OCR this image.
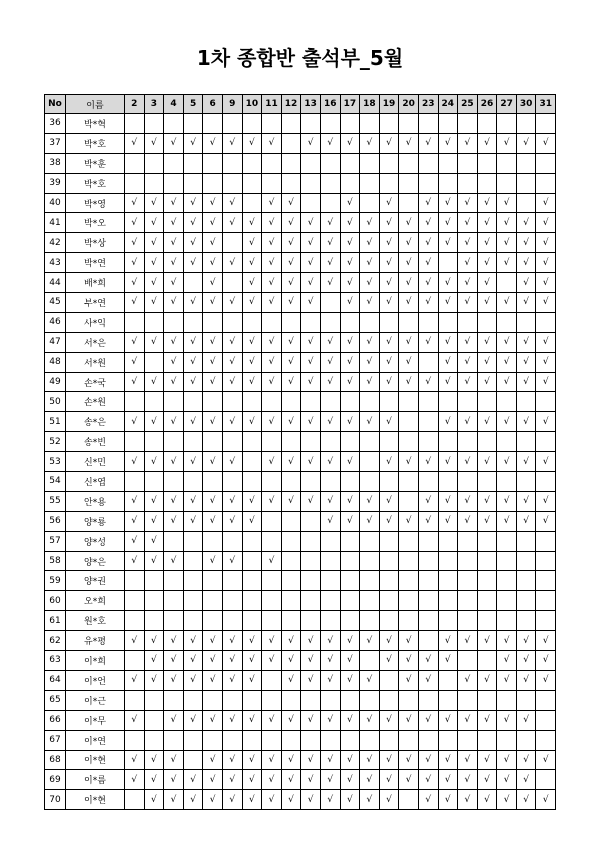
1차 종합반 출석부_5월
No	이름	2	3	4	5	6	9	10	11	12	13	16	17	18	19	20	23	24	25	26	27	30	31
36	박*혁																						
37	박*호	√	√	√	√	√	√	√	√		√	√	√	√	√	√	√	√	√	√	√	√	√
38	박*훈																						
39	박*호																						
40	박*영	√	√	√	√	√	√		√	√			√		√		√	√	√	√	√		√
41	박*오	√	√	√	√	√	√	√	√	√	√	√	√	√	√	√	√	√	√	√	√	√	√
42	박*상	√	√	√	√	√		√	√	√	√	√	√	√	√	√	√	√	√	√	√	√	√
43	박*연	√	√	√	√	√	√	√	√	√	√	√	√	√	√	√	√		√	√	√	√	√
44	배*희	√	√	√		√		√	√	√	√	√	√	√	√	√	√	√	√	√		√	√
45	부*연	√	√	√	√	√	√	√	√	√	√		√	√	√	√	√	√	√	√	√	√	√
46	사*익																						
47	서*은	√	√	√	√	√	√	√	√	√	√	√	√	√	√	√	√	√	√	√	√	√	√
48	서*원	√		√	√	√	√	√	√	√	√	√	√	√	√	√		√	√	√	√	√	√
49	손*국	√	√	√	√	√	√	√	√	√	√	√	√	√	√	√	√	√	√	√	√	√	√
50	손*원																						
51	송*은	√	√	√	√	√	√	√	√	√	√	√	√	√	√			√	√	√	√	√	√
52	송*빈																						
53	신*민	√	√	√	√	√	√		√	√	√	√	√		√	√	√	√	√	√	√	√	√
54	신*엽																						
55	안*용	√	√	√	√	√	√	√	√	√	√	√	√	√	√		√	√	√	√	√	√	√
56	양*룡	√	√	√	√	√	√	√				√	√	√	√	√	√	√	√	√	√	√	√
57	양*성	√	√																				
58	양*은	√	√	√		√	√		√														
59	양*권																						
60	오*희																						
61	원*호																						
62	유*평	√	√	√	√	√	√	√	√	√	√	√	√	√	√	√		√	√	√	√	√	√
63	이*희		√	√	√	√	√	√	√	√	√	√	√		√	√	√	√			√	√	√
64	이*언	√	√	√	√	√	√	√		√	√	√	√	√		√	√		√	√	√	√	√
65	이*근																						
66	이*무	√		√	√	√	√	√	√	√	√	√	√	√	√	√	√	√	√	√	√	√	
67	이*연																						
68	이*현	√	√	√		√	√	√	√	√	√	√	√	√	√	√	√	√	√	√	√	√	√
69	이*름	√	√	√	√	√	√	√	√	√	√	√	√	√	√	√	√	√	√	√	√	√	
70	이*현		√	√	√	√	√	√	√	√	√	√	√	√	√		√	√	√	√	√	√	√
